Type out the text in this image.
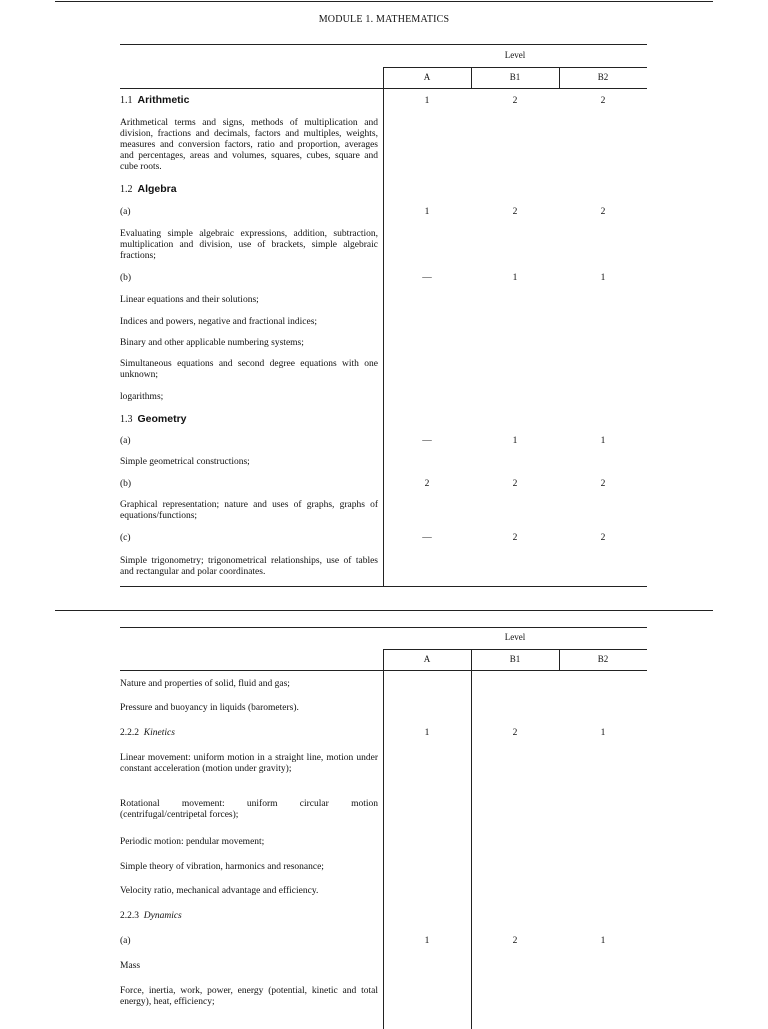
MODULE 1. MATHEMATICS
Level
A	B1	B2
1.1 Arithmetic	1	2	2
Arithmetical terms and signs, methods of multiplication and division, fractions and decimals, factors and multiples, weights, measures and conversion factors, ratio and proportion, averages and percentages, areas and volumes, squares, cubes, square and cube roots.
1.2 Algebra
(a)	1	2	2
Evaluating simple algebraic expressions, addition, subtraction, multiplication and division, use of brackets, simple algebraic fractions;
(b)	—	1	1
Linear equations and their solutions;
Indices and powers, negative and fractional indices;
Binary and other applicable numbering systems;
Simultaneous equations and second degree equations with one unknown;
logarithms;
1.3 Geometry
(a)	—	1	1
Simple geometrical constructions;
(b)	2	2	2
Graphical representation; nature and uses of graphs, graphs of equations/functions;
(c)	—	2	2
Simple trigonometry; trigonometrical relationships, use of tables and rectangular and polar coordinates.
Level
A	B1	B2
Nature and properties of solid, fluid and gas;
Pressure and buoyancy in liquids (barometers).
2.2.2 Kinetics	1	2	1
Linear movement: uniform motion in a straight line, motion under constant acceleration (motion under gravity);
Rotational movement: uniform circular motion (centrifugal/centripetal forces);
Periodic motion: pendular movement;
Simple theory of vibration, harmonics and resonance;
Velocity ratio, mechanical advantage and efficiency.
2.2.3 Dynamics
(a)	1	2	1
Mass
Force, inertia, work, power, energy (potential, kinetic and total energy), heat, efficiency;
